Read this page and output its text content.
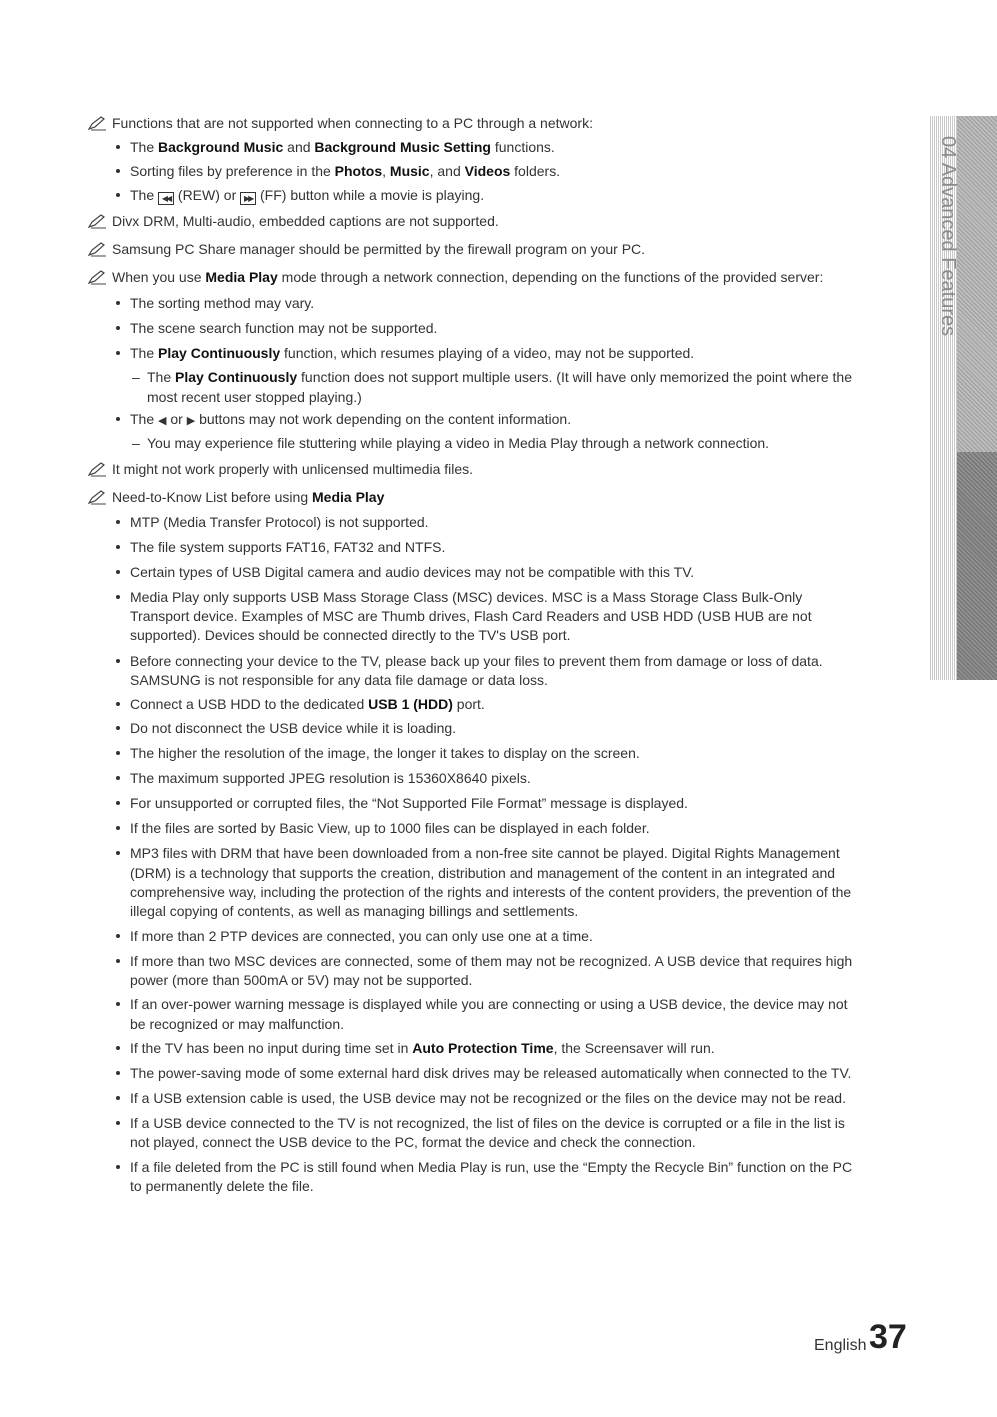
04 Advanced Features
Functions that are not supported when connecting to a PC through a network:
The Background Music and Background Music Setting functions.
Sorting files by preference in the Photos, Music, and Videos folders.
The ◀◀ (REW) or ▶▶ (FF) button while a movie is playing.
Divx DRM, Multi-audio, embedded captions are not supported.
Samsung PC Share manager should be permitted by the firewall program on your PC.
When you use Media Play mode through a network connection, depending on the functions of the provided server:
The sorting method may vary.
The scene search function may not be supported.
The Play Continuously function, which resumes playing of a video, may not be supported.
– The Play Continuously function does not support multiple users. (It will have only memorized the point where the
most recent user stopped playing.)
The ◀ or ▶ buttons may not work depending on the content information.
– You may experience file stuttering while playing a video in Media Play through a network connection.
It might not work properly with unlicensed multimedia files.
Need-to-Know List before using Media Play
MTP (Media Transfer Protocol) is not supported.
The file system supports FAT16, FAT32 and NTFS.
Certain types of USB Digital camera and audio devices may not be compatible with this TV.
Media Play only supports USB Mass Storage Class (MSC) devices. MSC is a Mass Storage Class Bulk-Only
Transport device. Examples of MSC are Thumb drives, Flash Card Readers and USB HDD (USB HUB are not
supported). Devices should be connected directly to the TV's USB port.
Before connecting your device to the TV, please back up your files to prevent them from damage or loss of data.
SAMSUNG is not responsible for any data file damage or data loss.
Connect a USB HDD to the dedicated USB 1 (HDD) port.
Do not disconnect the USB device while it is loading.
The higher the resolution of the image, the longer it takes to display on the screen.
The maximum supported JPEG resolution is 15360X8640 pixels.
For unsupported or corrupted files, the “Not Supported File Format” message is displayed.
If the files are sorted by Basic View, up to 1000 files can be displayed in each folder.
MP3 files with DRM that have been downloaded from a non-free site cannot be played. Digital Rights Management
(DRM) is a technology that supports the creation, distribution and management of the content in an integrated and
comprehensive way, including the protection of the rights and interests of the content providers, the prevention of the
illegal copying of contents, as well as managing billings and settlements.
If more than 2 PTP devices are connected, you can only use one at a time.
If more than two MSC devices are connected, some of them may not be recognized. A USB device that requires high
power (more than 500mA or 5V) may not be supported.
If an over-power warning message is displayed while you are connecting or using a USB device, the device may not
be recognized or may malfunction.
If the TV has been no input during time set in Auto Protection Time, the Screensaver will run.
The power-saving mode of some external hard disk drives may be released automatically when connected to the TV.
If a USB extension cable is used, the USB device may not be recognized or the files on the device may not be read.
If a USB device connected to the TV is not recognized, the list of files on the device is corrupted or a file in the list is
not played, connect the USB device to the PC, format the device and check the connection.
If a file deleted from the PC is still found when Media Play is run, use the “Empty the Recycle Bin” function on the PC
to permanently delete the file.
English 37
